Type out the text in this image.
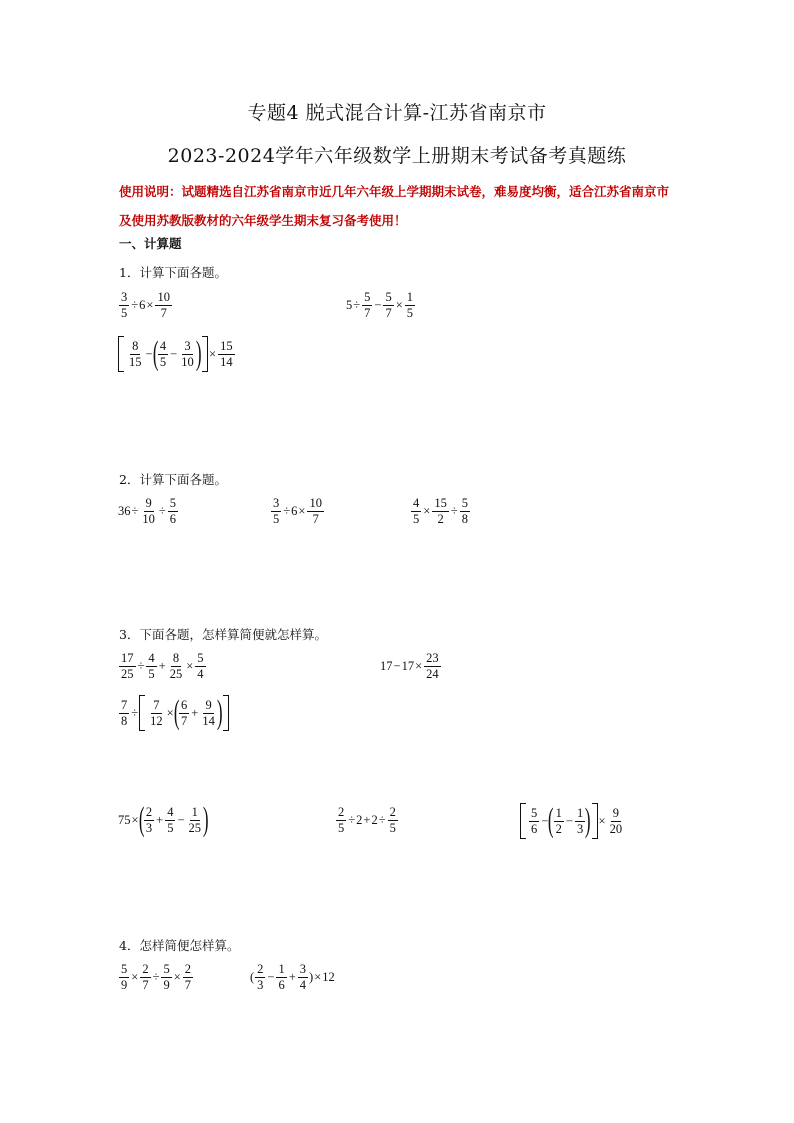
专题4 脱式混合计算-江苏省南京市
2023-2024学年六年级数学上册期末考试备考真题练
使用说明：试题精选自江苏省南京市近几年六年级上学期期末试卷，难易度均衡，适合江苏省南京市及使用苏教版教材的六年级学生期末复习备考使用！
一、计算题
1．计算下面各题。
$\frac{3}{5} \div 6 \times \frac{10}{7}$	$5 \div \frac{5}{7} - \frac{5}{7} \times \frac{1}{5}$
$\frac{8}{15}$ − ( $\frac{4}{5} - \frac{3}{10}$ ) × $\frac{15}{14}$
2．计算下面各题。
$36 \div \frac{9}{10} \div \frac{5}{6}$	$\frac{3}{5} \div 6 \times \frac{10}{7}$	$\frac{4}{5} \times \frac{15}{2} \div \frac{5}{8}$
3．下面各题，怎样算简便就怎样算。
$\frac{17}{25} \div \frac{4}{5} + \frac{8}{25} \times \frac{5}{4}$	$17 - 17 \times \frac{23}{24}$
$\frac{7}{8} \div \frac{7}{12}$ × ( $\frac{6}{7} + \frac{9}{14}$ )
75 × ( $\frac{2}{3} + \frac{4}{5} - \frac{1}{25}$ )	$\frac{2}{5} \div 2 + 2 \div \frac{2}{5}$	$\frac{5}{6}$ − ( $\frac{1}{2} - \frac{1}{3}$ ) × $\frac{9}{20}$
4．怎样简便怎样算。
$\frac{5}{9} \times \frac{2}{7} \div \frac{5}{9} \times \frac{2}{7}$	( $\frac{2}{3} - \frac{1}{6} + \frac{3}{4}$ ) × 12
